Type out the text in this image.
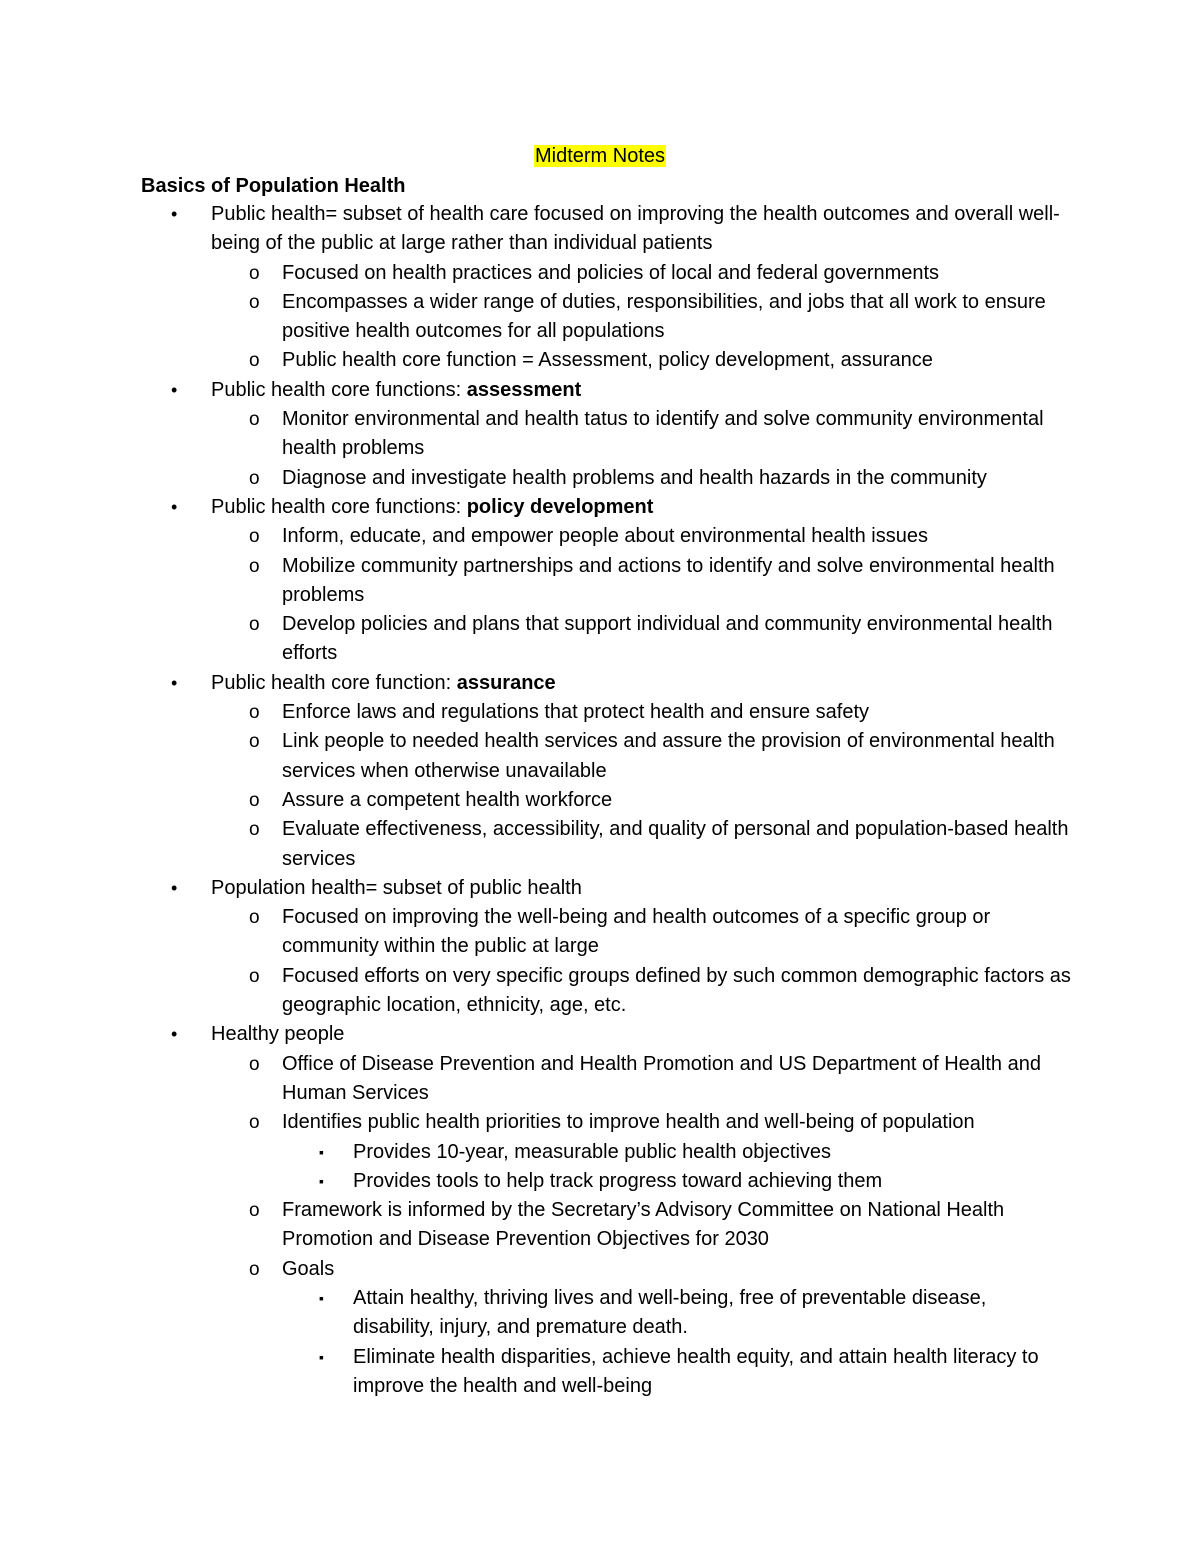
Midterm Notes
Basics of Population Health
• Public health= subset of health care focused on improving the health outcomes and overall well-being of the public at large rather than individual patients
o Focused on health practices and policies of local and federal governments
o Encompasses a wider range of duties, responsibilities, and jobs that all work to ensure positive health outcomes for all populations
o Public health core function = Assessment, policy development, assurance
• Public health core functions: assessment
o Monitor environmental and health tatus to identify and solve community environmental health problems
o Diagnose and investigate health problems and health hazards in the community
• Public health core functions: policy development
o Inform, educate, and empower people about environmental health issues
o Mobilize community partnerships and actions to identify and solve environmental health problems
o Develop policies and plans that support individual and community environmental health efforts
• Public health core function: assurance
o Enforce laws and regulations that protect health and ensure safety
o Link people to needed health services and assure the provision of environmental health services when otherwise unavailable
o Assure a competent health workforce
o Evaluate effectiveness, accessibility, and quality of personal and population-based health services
• Population health= subset of public health
o Focused on improving the well-being and health outcomes of a specific group or community within the public at large
o Focused efforts on very specific groups defined by such common demographic factors as geographic location, ethnicity, age, etc.
• Healthy people
o Office of Disease Prevention and Health Promotion and US Department of Health and Human Services
o Identifies public health priorities to improve health and well-being of population
▪ Provides 10-year, measurable public health objectives
▪ Provides tools to help track progress toward achieving them
o Framework is informed by the Secretary’s Advisory Committee on National Health Promotion and Disease Prevention Objectives for 2030
o Goals
▪ Attain healthy, thriving lives and well-being, free of preventable disease, disability, injury, and premature death.
▪ Eliminate health disparities, achieve health equity, and attain health literacy to improve the health and well-being
